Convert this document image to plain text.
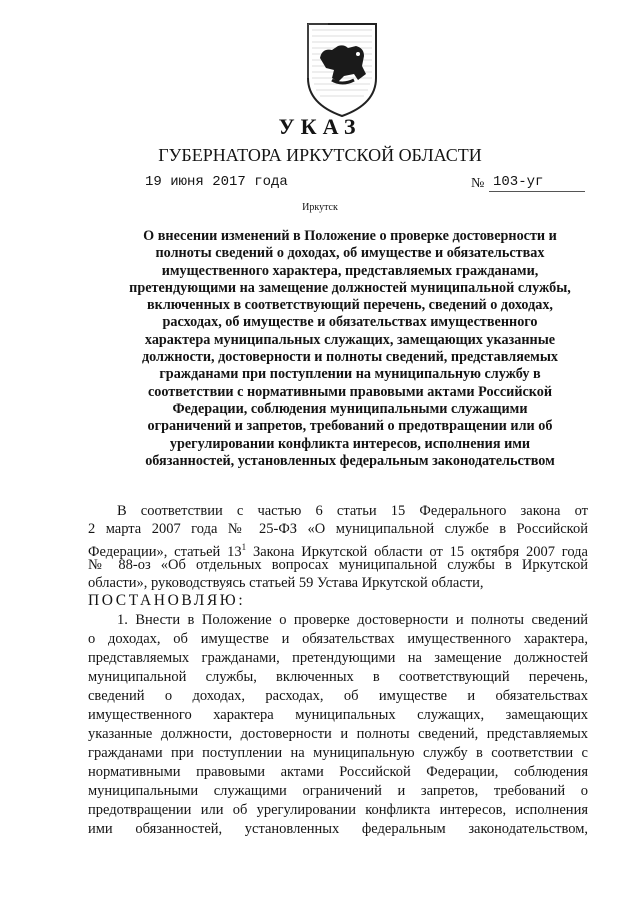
УКАЗ
ГУБЕРНАТОРА ИРКУТСКОЙ ОБЛАСТИ
19 июня 2017 года	№ 103-уг
Иркутск
О внесении изменений в Положение о проверке достоверности и
полноты сведений о доходах, об имуществе и обязательствах
имущественного характера, представляемых гражданами,
претендующими на замещение должностей муниципальной службы,
включенных в соответствующий перечень, сведений о доходах,
расходах, об имуществе и обязательствах имущественного
характера муниципальных служащих, замещающих указанные
должности, достоверности и полноты сведений, представляемых
гражданами при поступлении на муниципальную службу в
соответствии с нормативными правовыми актами Российской
Федерации, соблюдения муниципальными служащими
ограничений и запретов, требований о предотвращении или об
урегулировании конфликта интересов, исполнения ими
обязанностей, установленных федеральным законодательством
В соответствии с частью 6 статьи 15 Федерального закона от
2 марта 2007 года № 25-ФЗ «О муниципальной службе в Российской
Федерации», статьей $13^1$ Закона Иркутской области от 15 октября 2007 года
№ 88-оз «Об отдельных вопросах муниципальной службы в Иркутской
области», руководствуясь статьей 59 Устава Иркутской области,
ПОСТАНОВЛЯЮ:
1. Внести в Положение о проверке достоверности и полноты сведений
о доходах, об имуществе и обязательствах имущественного характера,
представляемых гражданами, претендующими на замещение должностей
муниципальной службы, включенных в соответствующий перечень,
сведений о доходах, расходах, об имуществе и обязательствах
имущественного характера муниципальных служащих, замещающих
указанные должности, достоверности и полноты сведений, представляемых
гражданами при поступлении на муниципальную службу в соответствии с
нормативными правовыми актами Российской Федерации, соблюдения
муниципальными служащими ограничений и запретов, требований о
предотвращении или об урегулировании конфликта интересов, исполнения
ими обязанностей, установленных федеральным законодательством,
